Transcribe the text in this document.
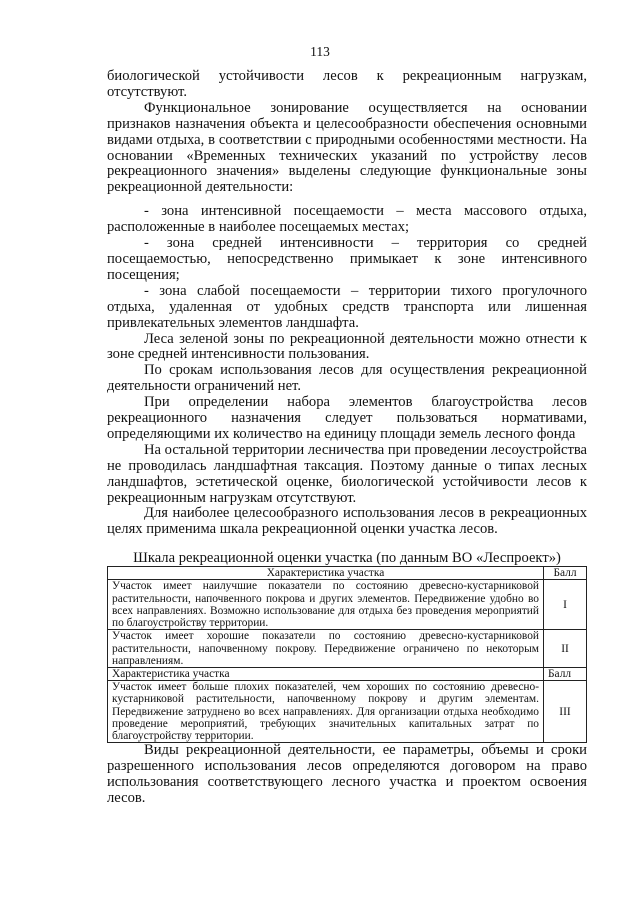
113

биологической устойчивости лесов к рекреационным нагрузкам, отсутствуют.

Функциональное зонирование осуществляется на основании признаков назначения объекта и целесообразности обеспечения основными видами отдыха, в соответствии с природными особенностями местности. На основании «Временных технических указаний по устройству лесов рекреационного значения» выделены следующие функциональные зоны рекреационной деятельности:

- зона интенсивной посещаемости – места массового отдыха, расположенные в наиболее посещаемых местах;

- зона средней интенсивности – территория со средней посещаемостью, непосредственно примыкает к зоне интенсивного посещения;

- зона слабой посещаемости – территории тихого прогулочного отдыха, удаленная от удобных средств транспорта или лишенная привлекательных элементов ландшафта.

Леса зеленой зоны по рекреационной деятельности можно отнести к зоне средней интенсивности пользования.

По срокам использования лесов для осуществления рекреационной деятельности ограничений нет.

При определении набора элементов благоустройства лесов рекреационного назначения следует пользоваться нормативами, определяющими их количество на единицу площади земель лесного фонда

На остальной территории лесничества при проведении лесоустройства не проводилась ландшафтная таксация. Поэтому данные о типах лесных ландшафтов, эстетической оценке, биологической устойчивости лесов к рекреационным нагрузкам отсутствуют.

Для наиболее целесообразного использования лесов в рекреационных целях применима шкала рекреационной оценки участка лесов.

Шкала рекреационной оценки участка (по данным ВО «Леспроект»)
Характеристика участка	Балл
Участок имеет наилучшие показатели по состоянию древесно-кустарниковой растительности, напочвенного покрова и других элементов. Передвижение удобно во всех направлениях. Возможно использование для отдыха без проведения мероприятий по благоустройству территории.	I
Участок имеет хорошие показатели по состоянию древесно-кустарниковой растительности, напочвенному покрову. Передвижение ограничено по некоторым направлениям.	II
Характеристика участка	Балл
Участок имеет больше плохих показателей, чем хороших по состоянию древесно-кустарниковой растительности, напочвенному покрову и другим элементам. Передвижение затруднено во всех направлениях. Для организации отдыха необходимо проведение мероприятий, требующих значительных капитальных затрат по благоустройству территории.	III

Виды рекреационной деятельности, ее параметры, объемы и сроки разрешенного использования лесов определяются договором на право использования соответствующего лесного участка и проектом освоения лесов.
